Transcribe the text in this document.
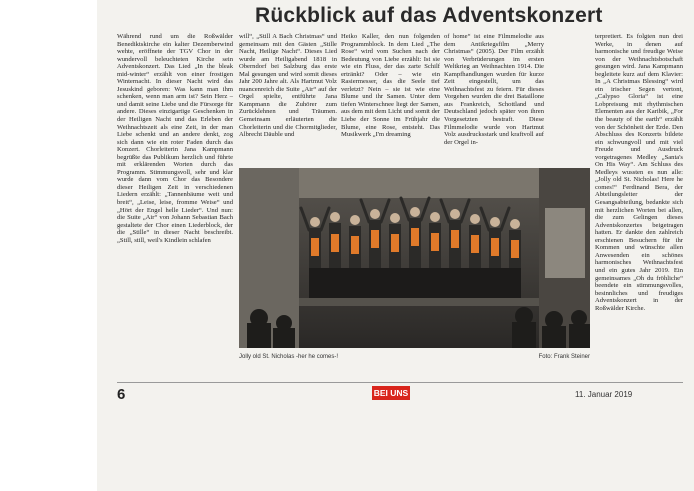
Rückblick auf das Adventskonzert

Während rund um die Roßwälder Benediktskirche ein kalter Dezemberwind wehte, eröffnete der TGV Chor in der wundervoll beleuchteten Kirche sein Adventskonzert. Das Lied „In the bleak mid-winter“ erzählt von einer frostigen Winternacht. In dieser Nacht wird das Jesuskind geboren: Was kann man ihm schenken, wenn man arm ist? Sein Herz – und damit seine Liebe und die Fürsorge für andere. Dieses einzigartige Geschenken in der Heiligen Nacht und das Erleben der Weihnachtszeit als eine Zeit, in der man Liebe schenkt und an andere denkt, zog sich dann wie ein roter Faden durch das Konzert. Chorleiterin Jana Kampmann begrüßte das Publikum herzlich und führte mit erklärenden Worten durch das Programm. Stimmungsvoll, sehr und klar wurde dann vom Chor das Besondere dieser Heiligen Zeit in verschiedenen Liedern erzählt: „Tannenbäume weit und breit“, „Leise, leise, fromme Weise“ und „Hört der Engel helle Lieder“. Und nun: die Suite „Air“ von Johann Sebastian Bach gestaltete der Chor einen Liederblock, der die „Stille“ in dieser Nacht beschreibt. „Still, still, weil's Kindlein schlafen

will“, „Still A Bach Christmas“ und gemeinsam mit den Gästen „Stille Nacht, Heilige Nacht“. Dieses Lied wurde am Heiligabend 1818 in Oberndorf bei Salzburg das erste Mal gesungen und wird somit dieses Jahr 200 Jahre alt. Als Hartmut Volz nuancenreich die Suite „Air“ auf der Orgel spielte, entführte Jana Kampmann die Zuhörer zum Zurücklehnen und Träumen. Gemeinsam erläuterten die Chorleiterin und die Chormitglieder, Albrecht Däuble und

Heiko Kaller, den nun folgenden Programmblock. In dem Lied „The Rose“ wird vom Suchen nach der Bedeutung von Liebe erzählt: Ist sie wie ein Fluss, der das zarte Schilf ertränkt? Oder – wie ein Rasiermesser, das die Seele tief verletzt? Nein – sie ist wie eine Blume und ihr Samen. Unter dem tiefen Winterschnee liegt der Samen, aus dem mit dem Licht und somit der Liebe der Sonne im Frühjahr die Blume, eine Rose, entsteht. Das Musikwerk „I'm dreaming

of home“ ist eine Filmmelodie aus dem Antikriegsfilm „Merry Christmas“ (2005). Der Film erzählt von Verbrüderungen im ersten Weltkrieg an Weihnachten 1914. Die Kampfhandlungen wurden für kurze Zeit eingestellt, um das Weihnachtsfest zu feiern. Für dieses Vorgehen wurden die drei Bataillone aus Frankreich, Schottland und Deutschland jedoch später von ihren Vorgesetzten bestraft. Diese Filmmelodie wurde von Hartmut Volz ausdrucksstark und kraftvoll auf der Orgel in-

terpretiert. Es folgten nun drei Werke, in denen auf harmonische und freudige Weise von der Weihnachtsbotschaft gesungen wird. Jana Kampmann begleitete kurz auf dem Klavier: In „A Christmas Blessing“ wird ein irischer Segen vertont, „Calypso Gloria“ ist eine Lobpreisung mit rhythmischen Elementen aus der Karibik, „For the beauty of the earth“ erzählt von der Schönheit der Erde. Den Abschluss des Konzerts bildete ein schwungvoll und mit viel Freude und Ausdruck vorgetragenes Medley „Santa's On His Way“. Am Schluss des Medleys wussten es nun alle: „Jolly old St. Nicholas! Here he comes!“ Ferdinand Bera, der Abteilungsleiter der Gesangsabteilung, bedankte sich mit herzlichen Worten bei allen, die zum Gelingen dieses Adventskonzertes beigetragen hatten. Er dankte den zahlreich erschienen Besuchern für ihr Kommen und wünschte allen Anwesenden ein schönes harmonisches Weihnachtsfest und ein gutes Jahr 2019. Ein gemeinsames „Oh du fröhliche“ beendete ein stimmungsvolles, besinnliches und freudiges Adventskonzert in der Roßwälder Kirche.

Jolly old St. Nicholas -her he comes-!	Foto: Frank Steiner
6	BEI UNS	11. Januar 2019
